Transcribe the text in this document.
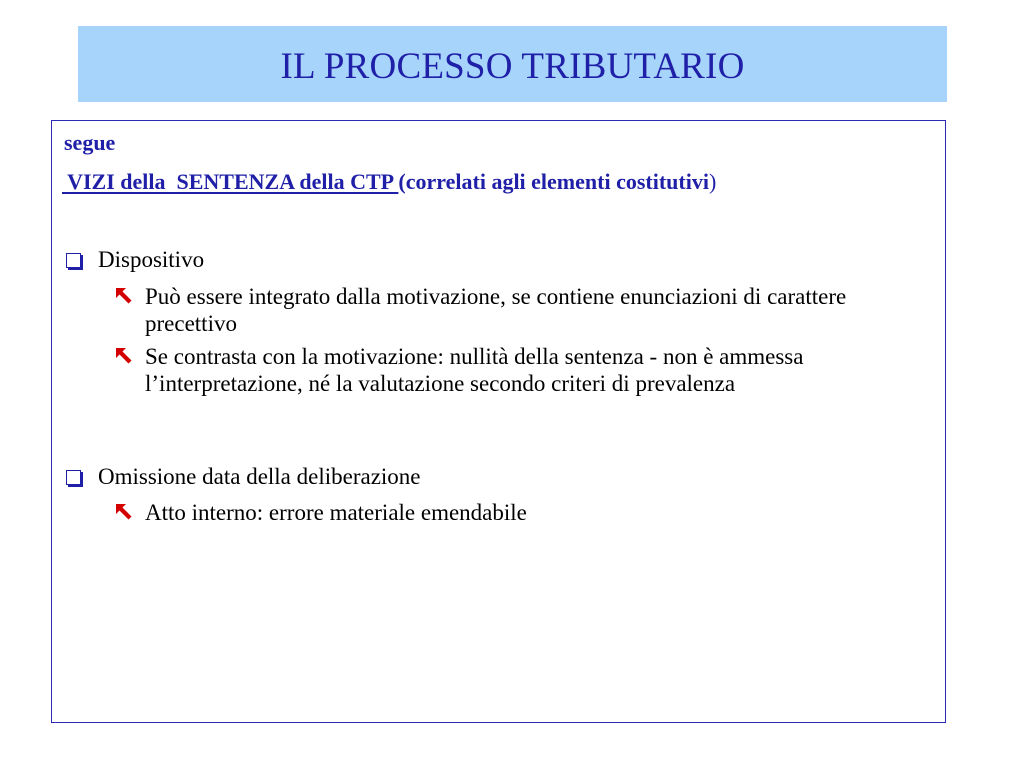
IL PROCESSO TRIBUTARIO
segue
VIZI della  SENTENZA della CTP (correlati agli elementi costitutivi)
Dispositivo
Può essere integrato dalla motivazione, se contiene enunciazioni di carattere precettivo
Se contrasta con la motivazione: nullità della sentenza - non è ammessa l’interpretazione, né la valutazione secondo criteri di prevalenza
Omissione data della deliberazione
Atto interno: errore materiale emendabile
